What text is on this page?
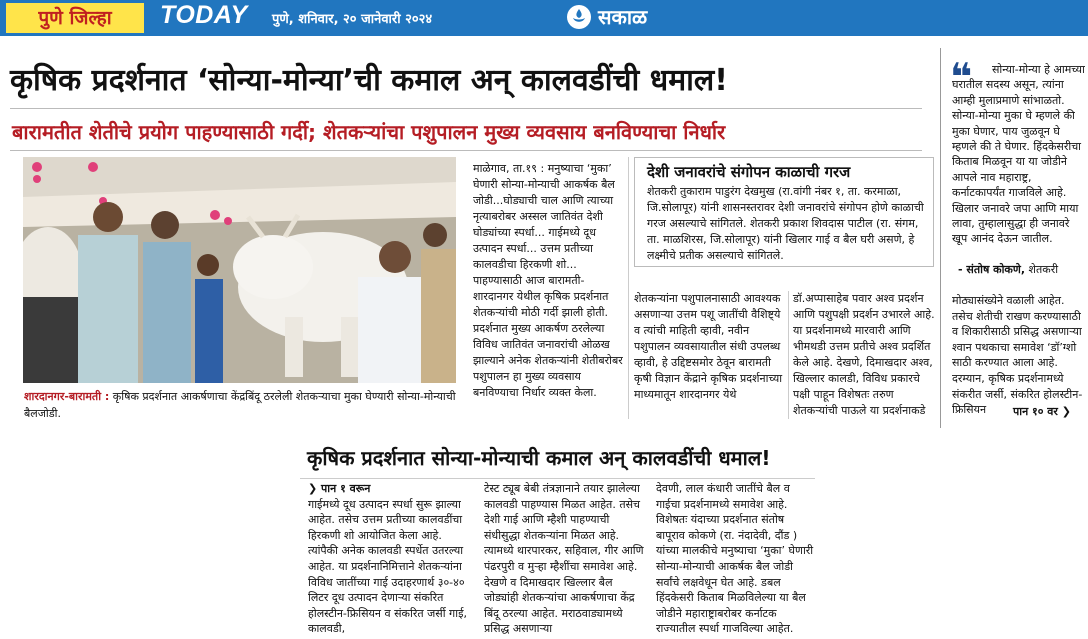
पुणे जिल्हा	TODAY पुणे, शनिवार, २० जानेवारी २०२४	सकाळ
कृषिक प्रदर्शनात ‘सोन्या-मोन्या’ची कमाल अन् कालवडींची धमाल!
बारामतीत शेतीचे प्रयोग पाहण्यासाठी गर्दी; शेतकऱ्यांचा पशुपालन मुख्य व्यवसाय बनविण्याचा निर्धार
शारदानगर-बारामती : कृषिक प्रदर्शनात आकर्षणाचा केंद्रबिंदू ठरलेली शेतकऱ्याचा मुका घेण्यारी सोन्या-मोन्याची बैलजोडी.
माळेगाव, ता.१९ : मनुष्याचा ‘मुका’ घेणारी सोन्या-मोन्याची आकर्षक बैल जोडी...घोड्याची चाल आणि त्याच्या नृत्याबरोबर अस्सल जातिवंत देशी घोड्यांच्या स्पर्धा... गाईमध्ये दूध उत्पादन स्पर्धा... उत्तम प्रतीच्या कालवडीचा हिरकणी शो... पाहण्यासाठी आज बारामती-शारदानगर येथील कृषिक प्रदर्शनात शेतकऱ्यांची मोठी गर्दी झाली होती. प्रदर्शनात मुख्य आकर्षण ठरलेल्या विविध जातिवंत जनावरांची ओळख झाल्याने अनेक शेतकऱ्यांनी शेतीबरोबर पशुपालन हा मुख्य व्यवसाय बनविण्याचा निर्धार व्यक्त केला.
देशी जनावरांचे संगोपन काळाची गरज
शेतकरी तुकाराम पाडुरंग देखमुख (रा.वांगी नंबर १, ता. करमाळा, जि.सोलापूर) यांनी शासनस्तरावर देशी जनावरांचे संगोपन होणे काळाची गरज असल्याचे सांगितले. शेतकरी प्रकाश शिवदास पाटील (रा. संगम, ता. माळशिरस, जि.सोलापूर) यांनी खिलार गाई व बैल घरी असणे, हे लक्ष्मीचे प्रतीक असल्याचे सांगितले.
शेतकऱ्यांना पशुपालनासाठी आवश्यक असणाऱ्या उत्तम पशू जातींची वैशिष्ट्ये व त्यांची माहिती व्हावी, नवीन पशुपालन व्यवसायातील संधी उपलब्ध व्हावी, हे उद्दिष्टसमोर ठेवून बारामती कृषी विज्ञान केंद्राने कृषिक प्रदर्शनाच्या माध्यमातून शारदानगर येथे
डॉ.अप्पासाहेब पवार अश्व प्रदर्शन आणि पशुपक्षी प्रदर्शन उभारले आहे. या प्रदर्शनामध्ये मारवारी आणि भीमथडी उत्तम प्रतीचे अश्व प्रदर्शित केले आहे. देखणे, दिमाखदार अश्व, खिल्लार कालडी, विविध प्रकारचे पक्षी पाहून विशेषतः तरुण शेतकऱ्यांची पाऊले या प्रदर्शनाकडे
❝	सोन्या-मोन्या हे आमच्या घरातील सदस्य असून, त्यांना आम्ही मुलाप्रमाणे सांभाळतो. सोन्या-मोन्या मुका घे म्हणले की मुका घेणार, पाय जुळवून घे म्हणले की ते घेणार. हिंदकेसरीचा किताब मिळवून या या जोडीने आपले नाव महाराष्ट्र, कर्नाटकापर्यंत गाजविले आहे. खिलार जनावरे जपा आणि माया लावा, तुम्हालासुद्धा ही जनावरे खूप आनंद देऊन जातील.
- संतोष कोकणे, शेतकरी
मोठ्यासंख्येने वळाली आहेत. तसेच शेतीची राखण करण्यासाठी व शिकारीसाठी प्रसिद्ध असणाऱ्या श्वान पथकाचा समावेश ‘डॉ’ग्शो साठी करण्यात आला आहे.
दरम्यान, कृषिक प्रदर्शनामध्ये संकरीत जर्सी, संकरित होलस्टीन-फ्रिसियन	पान १० वर ❯
कृषिक प्रदर्शनात सोन्या-मोन्याची कमाल अन् कालवडींची धमाल!
❯ पान १ वरून
गाईमध्ये दूध उत्पादन स्पर्धा सुरू झाल्या आहेत. तसेच उत्तम प्रतीच्या कालवडींचा हिरकणी शो आयोजित केला आहे. त्यांपैकी अनेक कालवडी स्पर्धेत उतरल्या आहेत. या प्रदर्शनानिमित्ताने शेतकऱ्यांना विविध जातींच्या गाई उदाहरणार्थ ३०-४० लिटर दूध उत्पादन देणाऱ्या संकरित होलस्टीन-फ्रिसियन व संकरित जर्सी गाई, कालवडी,
टेस्ट ट्यूब बेबी तंत्रज्ञानाने तयार झालेल्या कालवडी पाहण्यास मिळत आहेत. तसेच देशी गाई आणि म्हैशी पाहण्याची संधीसुद्धा शेतकऱ्यांना मिळत आहे. त्यामध्ये थारपारकर, सहिवाल, गीर आणि पंढरपुरी व मुऱ्हा म्हैशींचा समावेश आहे. देखणे व दिमाखदार खिल्लार बैल जोड्यांही शेतकऱ्यांचा आकर्षणाचा केंद्र बिंदू ठरल्या आहेत. मराठवाड्यामध्ये प्रसिद्ध असणाऱ्या
देवणी, लाल कंधारी जातींचे बैल व गाईचा प्रदर्शनामध्ये समावेश आहे. विशेषतः यंदाच्या प्रदर्शनात संतोष बापूराव कोकणे (रा. नंदादेवी, दौंड ) यांच्या मालकीचे मनुष्याचा ‘मुका’ घेणारी सोन्या-मोन्याची आकर्षक बैल जोडी सर्वांचे लक्षवेधून घेत आहे. डबल हिंदकेसरी किताब मिळविलेल्या या बैल जोडीने महाराष्ट्राबरोबर कर्नाटक राज्यातील स्पर्धा गाजविल्या आहेत.
